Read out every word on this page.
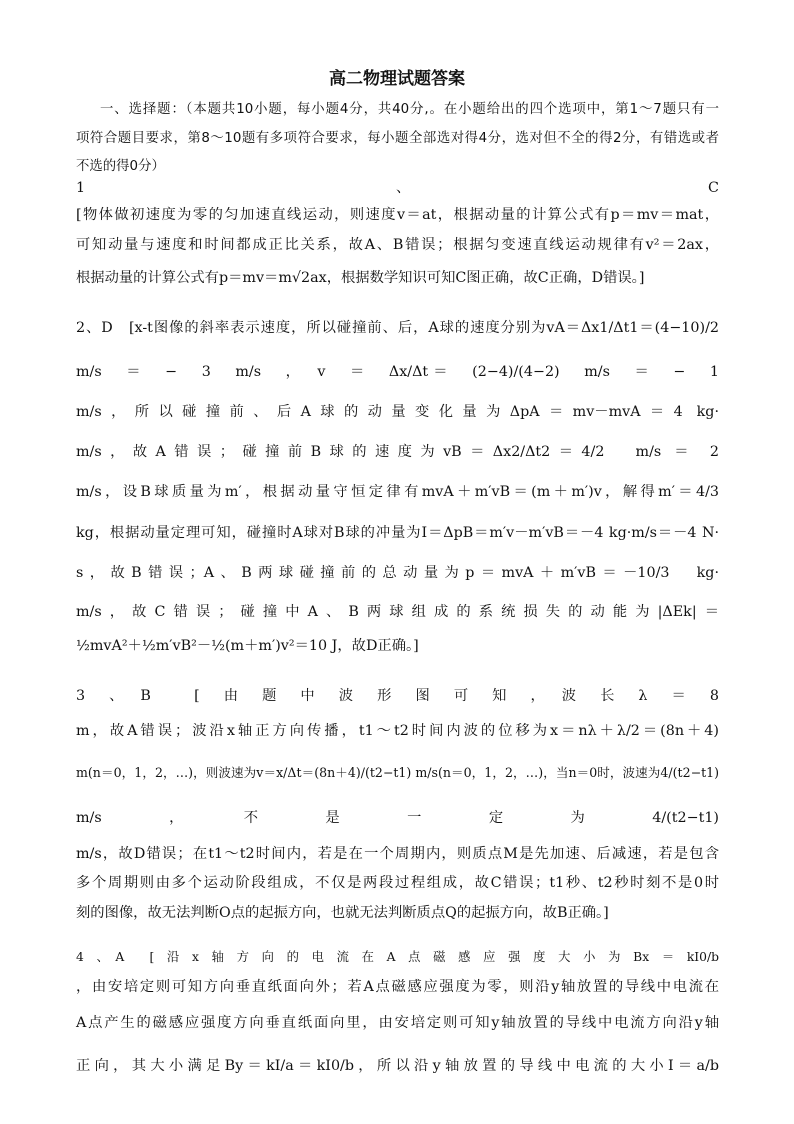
高二物理试题答案
一、选择题：（本题共10小题，每小题4分，共40分,。在小题给出的四个选项中，第1～7题只有一
项符合题目要求，第8～10题有多项符合要求，每小题全部选对得4分，选对但不全的得2分，有错选或者
不选的得0分）
1	、	C
[物体做初速度为零的匀加速直线运动，则速度v＝at，根据动量的计算公式有p＝mv＝mat，
可知动量与速度和时间都成正比关系，故A、B错误；根据匀变速直线运动规律有v²＝2ax，
根据动量的计算公式有p＝mv＝m√2ax，根据数学知识可知C图正确，故C正确，D错误。]
2、D　[x-t图像的斜率表示速度，所以碰撞前、后，A球的速度分别为vA＝Δx1/Δt1＝(4−10)/2
m/s　＝　−　3　m/s　，　v　＝　Δx/Δt＝　(2−4)/(4−2)　m/s　＝　−　1
m/s，所以碰撞前、后A球的动量变化量为ΔpA＝mv－mvA＝4 kg·
m/s，故A错误；碰撞前B球的速度为vB＝Δx2/Δt2＝4/2　m/s ＝ 2
m/s，设B球质量为m′，根据动量守恒定律有mvA＋m′vB＝(m＋m′)v，解得m′＝4/3
kg，根据动量定理可知，碰撞时A球对B球的冲量为I＝ΔpB＝m′v－m′vB＝－4 kg·m/s＝－4 N·
s，故B错误；A、B两球碰撞前的总动量为p＝mvA＋m′vB＝－10/3　kg·
m/s，故C错误；碰撞中A、B两球组成的系统损失的动能为|ΔEk|＝
½mvA²＋½m′vB²－½(m＋m′)v²＝10 J，故D正确。]
3　、　B　　[　由　题　中　波　形　图　可　知　，　波　长　λ　＝　8
m，故A错误；波沿x轴正方向传播，t1～t2时间内波的位移为x＝nλ＋λ/2＝(8n＋4)
m(n＝0，1，2，…)，则波速为v＝x/Δt＝(8n＋4)/(t2−t1) m/s(n＝0，1，2，…)，当n＝0时，波速为4/(t2−t1)
m/s　，　不　是　一　定　为　4/(t2−t1)
m/s，故D错误；在t1～t2时间内，若是在一个周期内，则质点M是先加速、后减速，若是包含
多个周期则由多个运动阶段组成，不仅是两段过程组成，故C错误；t1秒、t2秒时刻不是0时
刻的图像，故无法判断O点的起振方向，也就无法判断质点Q的起振方向，故B正确。]
4　、　A　　[　沿　x　轴　方　向　的　电　流　在　A　点　磁　感　应　强　度　大　小　为　Bx　＝　kI0/b
，由安培定则可知方向垂直纸面向外；若A点磁感应强度为零，则沿y轴放置的导线中电流在
A点产生的磁感应强度方向垂直纸面向里，由安培定则可知y轴放置的导线中电流方向沿y轴
正向，其大小满足By＝kI/a＝kI0/b，所以沿y轴放置的导线中电流的大小I＝a/b
